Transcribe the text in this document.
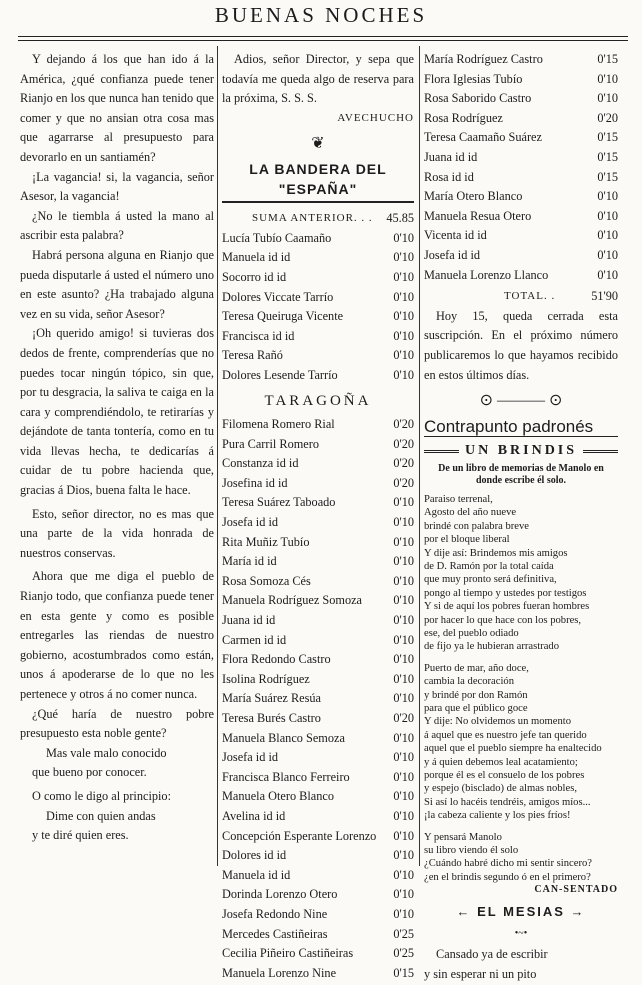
BUENAS NOCHES

Y dejando á los que han ido á la América, ¿qué confianza puede tener Rianjo en los que nunca han tenido que comer y que no ansian otra cosa mas que agarrarse al presupuesto para devorarlo en un santiamén?

¡La vagancia! si, la vagancia, señor Asesor, la vagancia!

¿No le tiembla á usted la mano al ascribir esta palabra?

Habrá persona alguna en Rianjo que pueda disputarle á usted el número uno en este asunto? ¿Ha trabajado alguna vez en su vida, señor Asesor?

¡Oh querido amigo! si tuvieras dos dedos de frente, comprenderías que no puedes tocar ningún tópico, sin que, por tu desgracia, la saliva te caiga en la cara y comprendiéndolo, te retirarías y dejándote de tanta tontería, como en tu vida llevas hecha, te dedicarías á cuidar de tu pobre hacienda que, gracias á Dios, buena falta le hace.

Esto, señor director, no es mas que una parte de la vida honrada de nuestros conservas.

Ahora que me diga el pueblo de Rianjo todo, que confianza puede tener en esta gente y como es posible entregarles las riendas de nuestro gobierno, acostumbrados como están, unos á apoderarse de lo que no les pertenece y otros á no comer nunca.

¿Qué haría de nuestro pobre presupuesto esta noble gente?

Mas vale malo conocido

que bueno por conocer.

O como le digo al principio:

Dime con quien andas

y te diré quien eres.

Adios, señor Director, y sepa que todavía me queda algo de reserva para la próxima, S. S. S.

AVECHUCHO

❦
LA BANDERA DEL "ESPAÑA"
SUMA ANTERIOR. . .	45.85
Lucía Tubío Caamaño	0'10
Manuela id id	0'10
Socorro id id	0'10
Dolores Viccate Tarrío	0'10
Teresa Queiruga Vicente	0'10
Francisca id id	0'10
Teresa Rañó	0'10
Dolores Lesende Tarrío	0'10
TARAGOÑA
Filomena Romero Rial	0'20
Pura Carril Romero	0'20
Constanza id id	0'20
Josefina id id	0'20
Teresa Suárez Taboado	0'10
Josefa id id	0'10
Rita Muñiz Tubío	0'10
María id id	0'10
Rosa Somoza Cés	0'10
Manuela Rodríguez Somoza	0'10
Juana id id	0'10
Carmen id id	0'10
Flora Redondo Castro	0'10
Isolina Rodríguez	0'10
María Suárez Resúa	0'10
Teresa Burés Castro	0'20
Manuela Blanco Semoza	0'10
Josefa id id	0'10
Francisca Blanco Ferreiro	0'10
Manuela Otero Blanco	0'10
Avelina id id	0'10
Concepción Esperante Lorenzo	0'10
Dolores id id	0'10
Manuela id id	0'10
Dorinda Lorenzo Otero	0'10
Josefa Redondo Nine	0'10
Mercedes Castiñeiras	0'25
Cecilia Piñeiro Castiñeiras	0'25
Manuela Lorenzo Nine	0'15
María Rodríguez Castro	0'15
Flora Iglesias Tubío	0'10
Rosa Saborido Castro	0'10
Rosa Rodríguez	0'20
Teresa Caamaño Suárez	0'15
Juana id id	0'15
Rosa id id	0'15
María Otero Blanco	0'10
Manuela Resua Otero	0'10
Vicenta id id	0'10
Josefa id id	0'10
Manuela Lorenzo Llanco	0'10
TOTAL. .	51'90

Hoy 15, queda cerrada esta suscripción. En el próximo número publicaremos lo que hayamos recibido en estos últimos días.

⊙ ——— ⊙
Contrapunto padronés
UN BRINDIS

De un libro de memorias de Manolo en donde escribe él solo.

Paraiso terrenal,

Agosto del año nueve

brindé con palabra breve

por el bloque liberal

Y dije así: Brindemos mis amigos

de D. Ramón por la total caída

que muy pronto será definitiva,

pongo al tiempo y ustedes por testigos

Y si de aquí los pobres fueran hombres

por hacer lo que hace con los pobres,

ese, del pueblo odiado

de fijo ya le hubieran arrastrado

Puerto de mar, año doce,

cambia la decoración

y brindé por don Ramón

para que el público goce

Y dije: No olvidemos un momento

á aquel que es nuestro jefe tan querido

aquel que el pueblo siempre ha enaltecido

y á quien debemos leal acatamiento;

porque él es el consuelo de los pobres

y espejo (bisclado) de almas nobles,

Si así lo hacéis tendréis, amigos míos...

¡la cabeza caliente y los pies fríos!

Y pensará Manolo

su libro viendo él solo

¿Cuándo habré dicho mi sentir sincero?

¿en el brindis segundo ó en el primero?

CAN-SENTADO

← EL MESIAS →
•~•

Cansado ya de escribir

y sin esperar ni un pito
